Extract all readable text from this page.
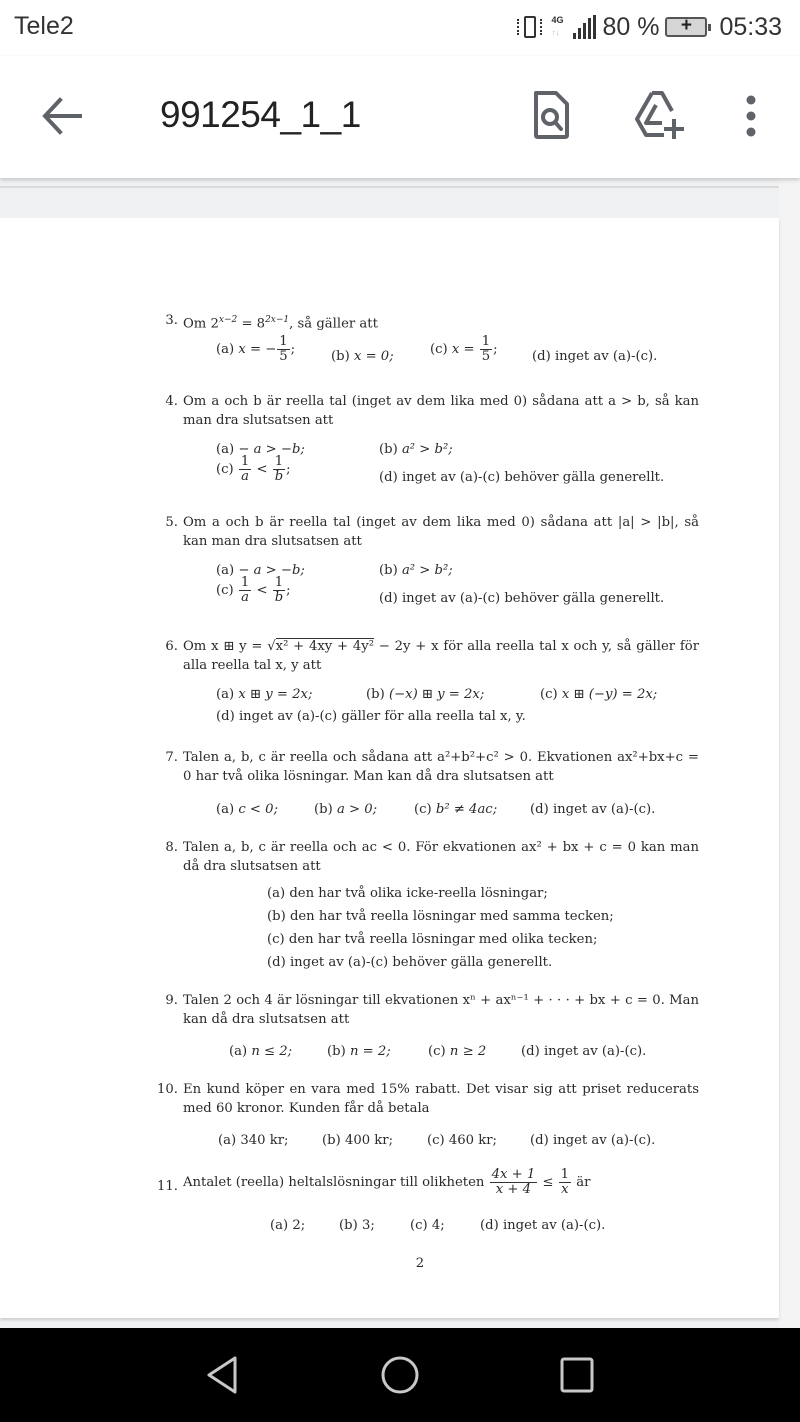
Tele2	4G
↑↓ 80 %	+	05:33
991254_1_1
3. Om $2^{x-2} = 8^{2x-1}$, så gäller att
(a) x = − $\frac{1}{5}$ ;	(b) x = 0;	(c) $x = \frac{1}{5}$ ;	(d) inget av (a)-(c).
4. Om a och b är reella tal (inget av dem lika med 0) sådana att a > b, så kan man dra slutsatsen att
(a) − a > −b;	(b) a² > b²;
$(c) \frac{1}{a} < \frac{1}{b}$ ;
(d) inget av (a)-(c) behöver gälla generellt.
5. Om a och b är reella tal (inget av dem lika med 0) sådana att |a| > |b|, så kan man dra slutsatsen att
(a) − a > −b;	(b) a² > b²;
$(c) \frac{1}{a} < \frac{1}{b}$ ;
(d) inget av (a)-(c) behöver gälla generellt.
6. Om x ⊞ y = √x² + 4xy + 4y² − 2y + x för alla reella tal x och y, så gäller för alla reella tal x, y att
(a) x ⊞ y = 2x;	(b) (−x) ⊞ y = 2x;	(c) x ⊞ (−y) = 2x;
(d) inget av (a)-(c) gäller för alla reella tal x, y.
7. Talen a, b, c är reella och sådana att a²+b²+c² > 0. Ekvationen ax²+bx+c = 0 har två olika lösningar. Man kan då dra slutsatsen att
(a) c < 0;	(b) a > 0;	(c) b² ≠ 4ac; (d) inget av (a)-(c).
8. Talen a, b, c är reella och ac < 0. För ekvationen ax² + bx + c = 0 kan man då dra slutsatsen att
(a) den har två olika icke-reella lösningar;
(b) den har två reella lösningar med samma tecken;
(c) den har två reella lösningar med olika tecken;
(d) inget av (a)-(c) behöver gälla generellt.
9. Talen 2 och 4 är lösningar till ekvationen xⁿ + axⁿ⁻¹ + · · · + bx + c = 0. Man kan då dra slutsatsen att
(a) n ≤ 2;	(b) n = 2;	(c) n ≥ 2	(d) inget av (a)-(c).
10. En kund köper en vara med 15% rabatt. Det visar sig att priset reducerats med 60 kronor. Kunden får då betala
(a) 340 kr;	(b) 400 kr;	(c) 460 kr;	(d) inget av (a)-(c).
11. Antalet (reella) heltalslösningar till olikheten $\frac{4x + 1}{x + 4} \le \frac{1}{x}$ är
(a) 2;	(b) 3;	(c) 4;	(d) inget av (a)-(c).
2
